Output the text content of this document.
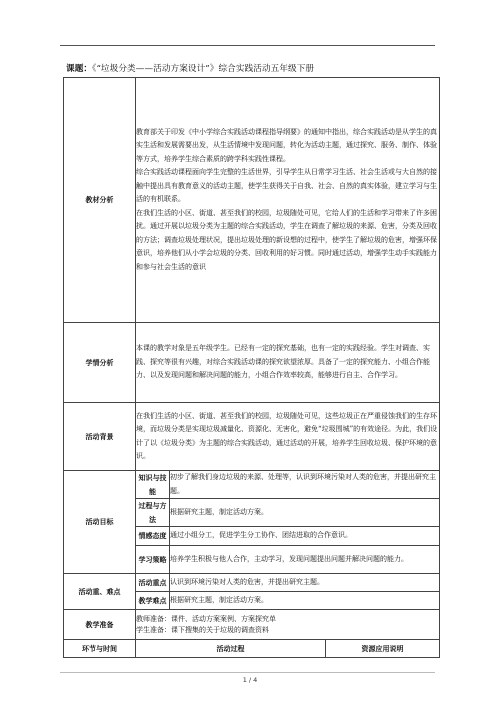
课题：《“垃圾分类——活动方案设计”》综合实践活动五年级下册
教材分析	教育部关于印发《中小学综合实践活动课程指导纲要》的通知中指出，综合实践活动是从学生的真实生活和发展需要出发，从生活情境中发现问题，转化为活动主题，通过探究、服务、制作、体验等方式，培养学生综合素质的跨学科实践性课程。

综合实践活动课程面向学生完整的生活世界，引导学生从日常学习生活、社会生活或与大自然的接触中提出具有教育意义的活动主题，使学生获得关于自我、社会、自然的真实体验，建立学习与生活的有机联系。

在我们生活的小区、街道、甚至我们的校园，垃圾随处可见，它给人们的生活和学习带来了许多困扰。通过开展以垃圾分类为主题的综合实践活动，学生在调查了解垃圾的来源、危害，分类及回收的方法；调查垃圾处理状况，提出垃圾处理的新设想的过程中，使学生了解垃圾的危害，增强环保意识，培养他们从小学会垃圾的分类、回收利用的好习惯。同时通过活动，增强学生动手实践能力和参与社会生活的意识		

学情分析	本课的教学对象是五年级学生。已经有一定的探究基础，也有一定的实践经验。学生对调查、实践、探究等很有兴趣，对综合实践活动课的探究欲望浓厚。具备了一定的探究能力、小组合作能力、以及发现问题和解决问题的能力，小组合作效率较高，能够进行自主、合作学习。		
活动背景	在我们生活的小区、街道、甚至我们的校园，垃圾随处可见，这些垃圾正在严重侵蚀我们的生存环境，而垃圾分类是实现垃圾减量化、资源化、无害化，避免“垃圾围城”的有效途径。为此，我们设计了以《垃圾分类》为主题的综合实践活动，通过活动的开展，培养学生回收垃圾、保护环境的意识。		
活动目标	知识与技能	初步了解我们身边垃圾的来源、处理等，认识到环境污染对人类的危害，并提出研究主题。	
	过程与方法	根据研究主题，制定活动方案。	
	情感态度	通过小组分工，促进学生分工协作、团结进取的合作意识。	
	学习策略	培养学生积极与他人合作，主动学习，发现问题提出问题并解决问题的能力。	
活动重、难点	活动重点	认识到环境污染对人类的危害，并提出研究主题。	
	教学难点	根据研究主题，制定活动方案。	
教学准备	教师准备：课件、活动方案案例、方案探究单
学生准备：课下搜集的关于垃圾的调查资料		

环节与时间	活动过程		资源应用说明
1 / 4
